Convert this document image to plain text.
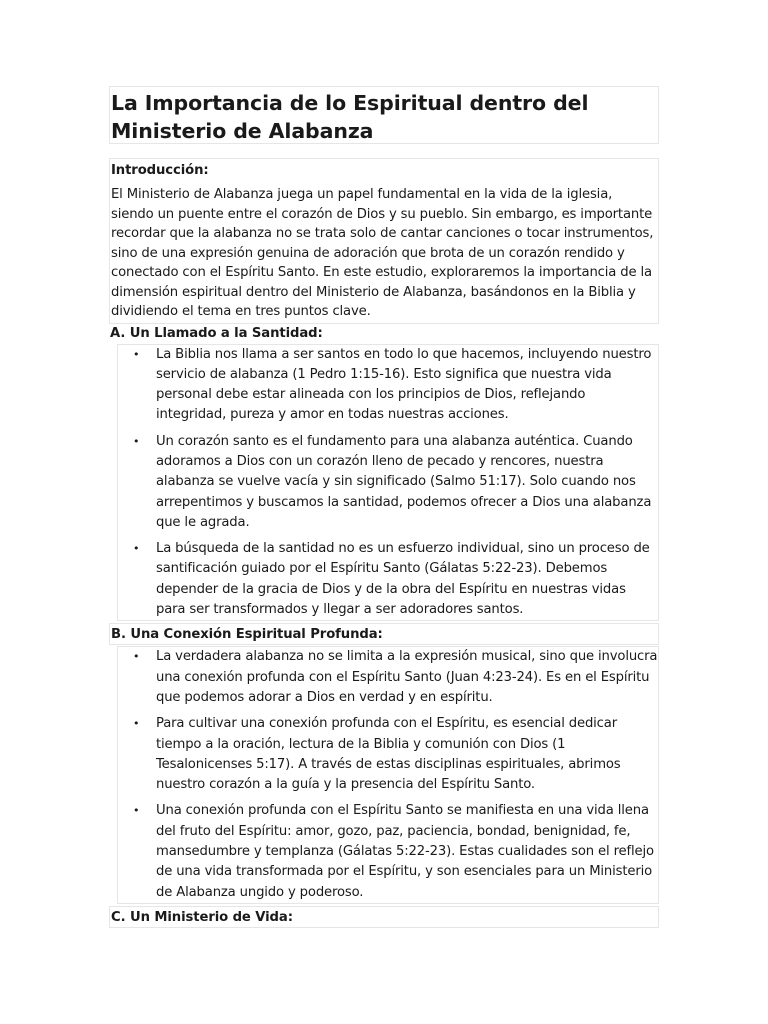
La Importancia de lo Espiritual dentro del
Ministerio de Alabanza
Introducción:

El Ministerio de Alabanza juega un papel fundamental en la vida de la iglesia, siendo un puente entre el corazón de Dios y su pueblo. Sin embargo, es importante recordar que la alabanza no se trata solo de cantar canciones o tocar instrumentos, sino de una expresión genuina de adoración que brota de un corazón rendido y conectado con el Espíritu Santo. En este estudio, exploraremos la importancia de la dimensión espiritual dentro del Ministerio de Alabanza, basándonos en la Biblia y dividiendo el tema en tres puntos clave.

A. Un Llamado a la Santidad:
• La Biblia nos llama a ser santos en todo lo que hacemos, incluyendo nuestro servicio de alabanza (1 Pedro 1:15-16). Esto significa que nuestra vida personal debe estar alineada con los principios de Dios, reflejando integridad, pureza y amor en todas nuestras acciones.
• Un corazón santo es el fundamento para una alabanza auténtica. Cuando adoramos a Dios con un corazón lleno de pecado y rencores, nuestra alabanza se vuelve vacía y sin significado (Salmo 51:17). Solo cuando nos arrepentimos y buscamos la santidad, podemos ofrecer a Dios una alabanza que le agrada.
• La búsqueda de la santidad no es un esfuerzo individual, sino un proceso de santificación guiado por el Espíritu Santo (Gálatas 5:22-23). Debemos depender de la gracia de Dios y de la obra del Espíritu en nuestras vidas para ser transformados y llegar a ser adoradores santos.
B. Una Conexión Espiritual Profunda:
• La verdadera alabanza no se limita a la expresión musical, sino que involucra una conexión profunda con el Espíritu Santo (Juan 4:23-24). Es en el Espíritu que podemos adorar a Dios en verdad y en espíritu.
• Para cultivar una conexión profunda con el Espíritu, es esencial dedicar tiempo a la oración, lectura de la Biblia y comunión con Dios (1 Tesalonicenses 5:17). A través de estas disciplinas espirituales, abrimos nuestro corazón a la guía y la presencia del Espíritu Santo.
• Una conexión profunda con el Espíritu Santo se manifiesta en una vida llena del fruto del Espíritu: amor, gozo, paz, paciencia, bondad, benignidad, fe, mansedumbre y templanza (Gálatas 5:22-23). Estas cualidades son el reflejo de una vida transformada por el Espíritu, y son esenciales para un Ministerio de Alabanza ungido y poderoso.
C. Un Ministerio de Vida:
